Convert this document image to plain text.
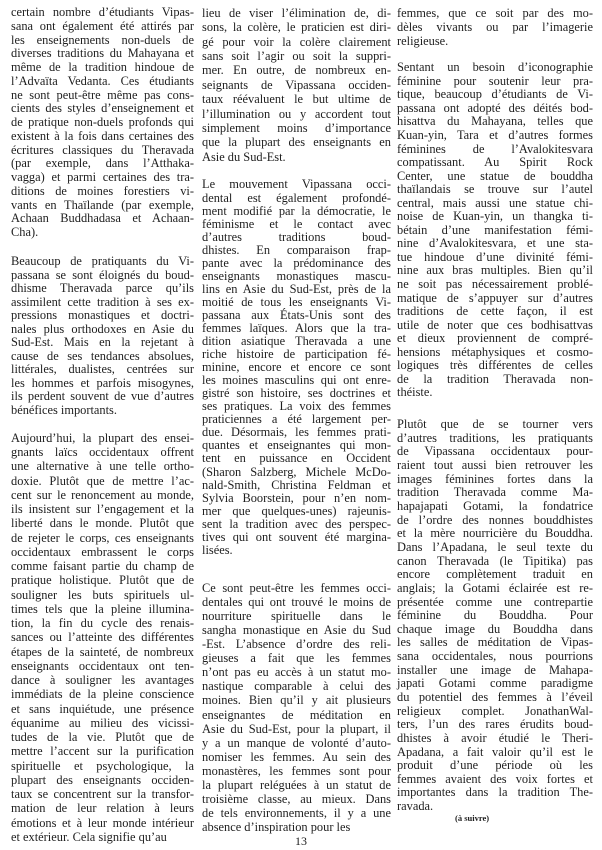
certain nombre d’étudiants Vipas-
sana ont également été attirés par
les enseignements non-duels de
diverses traditions du Mahayana et
même de la tradition hindoue de
l’Advaïta Vedanta. Ces étudiants
ne sont peut-être même pas cons-
cients des styles d’enseignement et
de pratique non-duels profonds qui
existent à la fois dans certaines des
écritures classiques du Theravada
(par exemple, dans l’Atthaka-
vagga) et parmi certaines des tra-
ditions de moines forestiers vi-
vants en Thaïlande (par exemple,
Achaan Buddhadasa et Achaan-
Cha).
Beaucoup de pratiquants du Vi-
passana se sont éloignés du boud-
dhisme Theravada parce qu’ils
assimilent cette tradition à ses ex-
pressions monastiques et doctri-
nales plus orthodoxes en Asie du
Sud-Est. Mais en la rejetant à
cause de ses tendances absolues,
littérales, dualistes, centrées sur
les hommes et parfois misogynes,
ils perdent souvent de vue d’autres
bénéfices importants.
Aujourd’hui, la plupart des ensei-
gnants laïcs occidentaux offrent
une alternative à une telle ortho-
doxie. Plutôt que de mettre l’ac-
cent sur le renoncement au monde,
ils insistent sur l’engagement et la
liberté dans le monde. Plutôt que
de rejeter le corps, ces enseignants
occidentaux embrassent le corps
comme faisant partie du champ de
pratique holistique. Plutôt que de
souligner les buts spirituels ul-
times tels que la pleine illumina-
tion, la fin du cycle des renais-
sances ou l’atteinte des différentes
étapes de la sainteté, de nombreux
enseignants occidentaux ont ten-
dance à souligner les avantages
immédiats de la pleine conscience
et sans inquiétude, une présence
équanime au milieu des vicissi-
tudes de la vie. Plutôt que de
mettre l’accent sur la purification
spirituelle et psychologique, la
plupart des enseignants occiden-
taux se concentrent sur la transfor-
mation de leur relation à leurs
émotions et à leur monde intérieur
et extérieur. Cela signifie qu’au
lieu de viser l’élimination de, di-
sons, la colère, le praticien est diri-
gé pour voir la colère clairement
sans soit l’agir ou soit la suppri-
mer. En outre, de nombreux en-
seignants de Vipassana occiden-
taux réévaluent le but ultime de
l’illumination ou y accordent tout
simplement moins d’importance
que la plupart des enseignants en
Asie du Sud-Est.
Le mouvement Vipassana occi-
dental est également profondé-
ment modifié par la démocratie, le
féminisme et le contact avec
d’autres traditions boud-
dhistes. En comparaison frap-
pante avec la prédominance des
enseignants monastiques mascu-
lins en Asie du Sud-Est, près de la
moitié de tous les enseignants Vi-
passana aux États-Unis sont des
femmes laïques. Alors que la tra-
dition asiatique Theravada a une
riche histoire de participation fé-
minine, encore et encore ce sont
les moines masculins qui ont enre-
gistré son histoire, ses doctrines et
ses pratiques. La voix des femmes
praticiennes a été largement per-
due. Désormais, les femmes prati-
quantes et enseignantes qui mon-
tent en puissance en Occident
(Sharon Salzberg, Michele McDo-
nald-Smith, Christina Feldman et
Sylvia Boorstein, pour n’en nom-
mer que quelques-unes) rajeunis-
sent la tradition avec des perspec-
tives qui ont souvent été margina-
lisées.
Ce sont peut-être les femmes occi-
dentales qui ont trouvé le moins de
nourriture spirituelle dans le
sangha monastique en Asie du Sud
-Est. L’absence d’ordre des reli-
gieuses a fait que les femmes
n’ont pas eu accès à un statut mo-
nastique comparable à celui des
moines. Bien qu’il y ait plusieurs
enseignantes de méditation en
Asie du Sud-Est, pour la plupart, il
y a un manque de volonté d’auto-
nomiser les femmes. Au sein des
monastères, les femmes sont pour
la plupart reléguées à un statut de
troisième classe, au mieux. Dans
de tels environnements, il y a une
absence d’inspiration pour les
femmes, que ce soit par des mo-
dèles vivants ou par l’imagerie
religieuse.
Sentant un besoin d’iconographie
féminine pour soutenir leur pra-
tique, beaucoup d’étudiants de Vi-
passana ont adopté des déités bod-
hisattva du Mahayana, telles que
Kuan-yin, Tara et d’autres formes
féminines de l’Avalokitesvara
compatissant. Au Spirit Rock
Center, une statue de bouddha
thaïlandais se trouve sur l’autel
central, mais aussi une statue chi-
noise de Kuan-yin, un thangka ti-
bétain d’une manifestation fémi-
nine d’Avalokitesvara, et une sta-
tue hindoue d’une divinité fémi-
nine aux bras multiples. Bien qu’il
ne soit pas nécessairement problé-
matique de s’appuyer sur d’autres
traditions de cette façon, il est
utile de noter que ces bodhisattvas
et dieux proviennent de compré-
hensions métaphysiques et cosmo-
logiques très différentes de celles
de la tradition Theravada non-
théiste.
Plutôt que de se tourner vers
d’autres traditions, les pratiquants
de Vipassana occidentaux pour-
raient tout aussi bien retrouver les
images féminines fortes dans la
tradition Theravada comme Ma-
hapajapati Gotami, la fondatrice
de l’ordre des nonnes bouddhistes
et la mère nourricière du Bouddha.
Dans l’Apadana, le seul texte du
canon Theravada (le Tipitika) pas
encore complètement traduit en
anglais; la Gotami éclairée est re-
présentée comme une contrepartie
féminine du Bouddha. Pour
chaque image du Bouddha dans
les salles de méditation de Vipas-
sana occidentales, nous pourrions
installer une image de Mahapa-
japati Gotami comme paradigme
du potentiel des femmes à l’éveil
religieux complet. JonathanWal-
ters, l’un des rares érudits boud-
dhistes à avoir étudié le Theri-
Apadana, a fait valoir qu’il est le
produit d’une période où les
femmes avaient des voix fortes et
importantes dans la tradition The-
ravada.
(à suivre)
13
